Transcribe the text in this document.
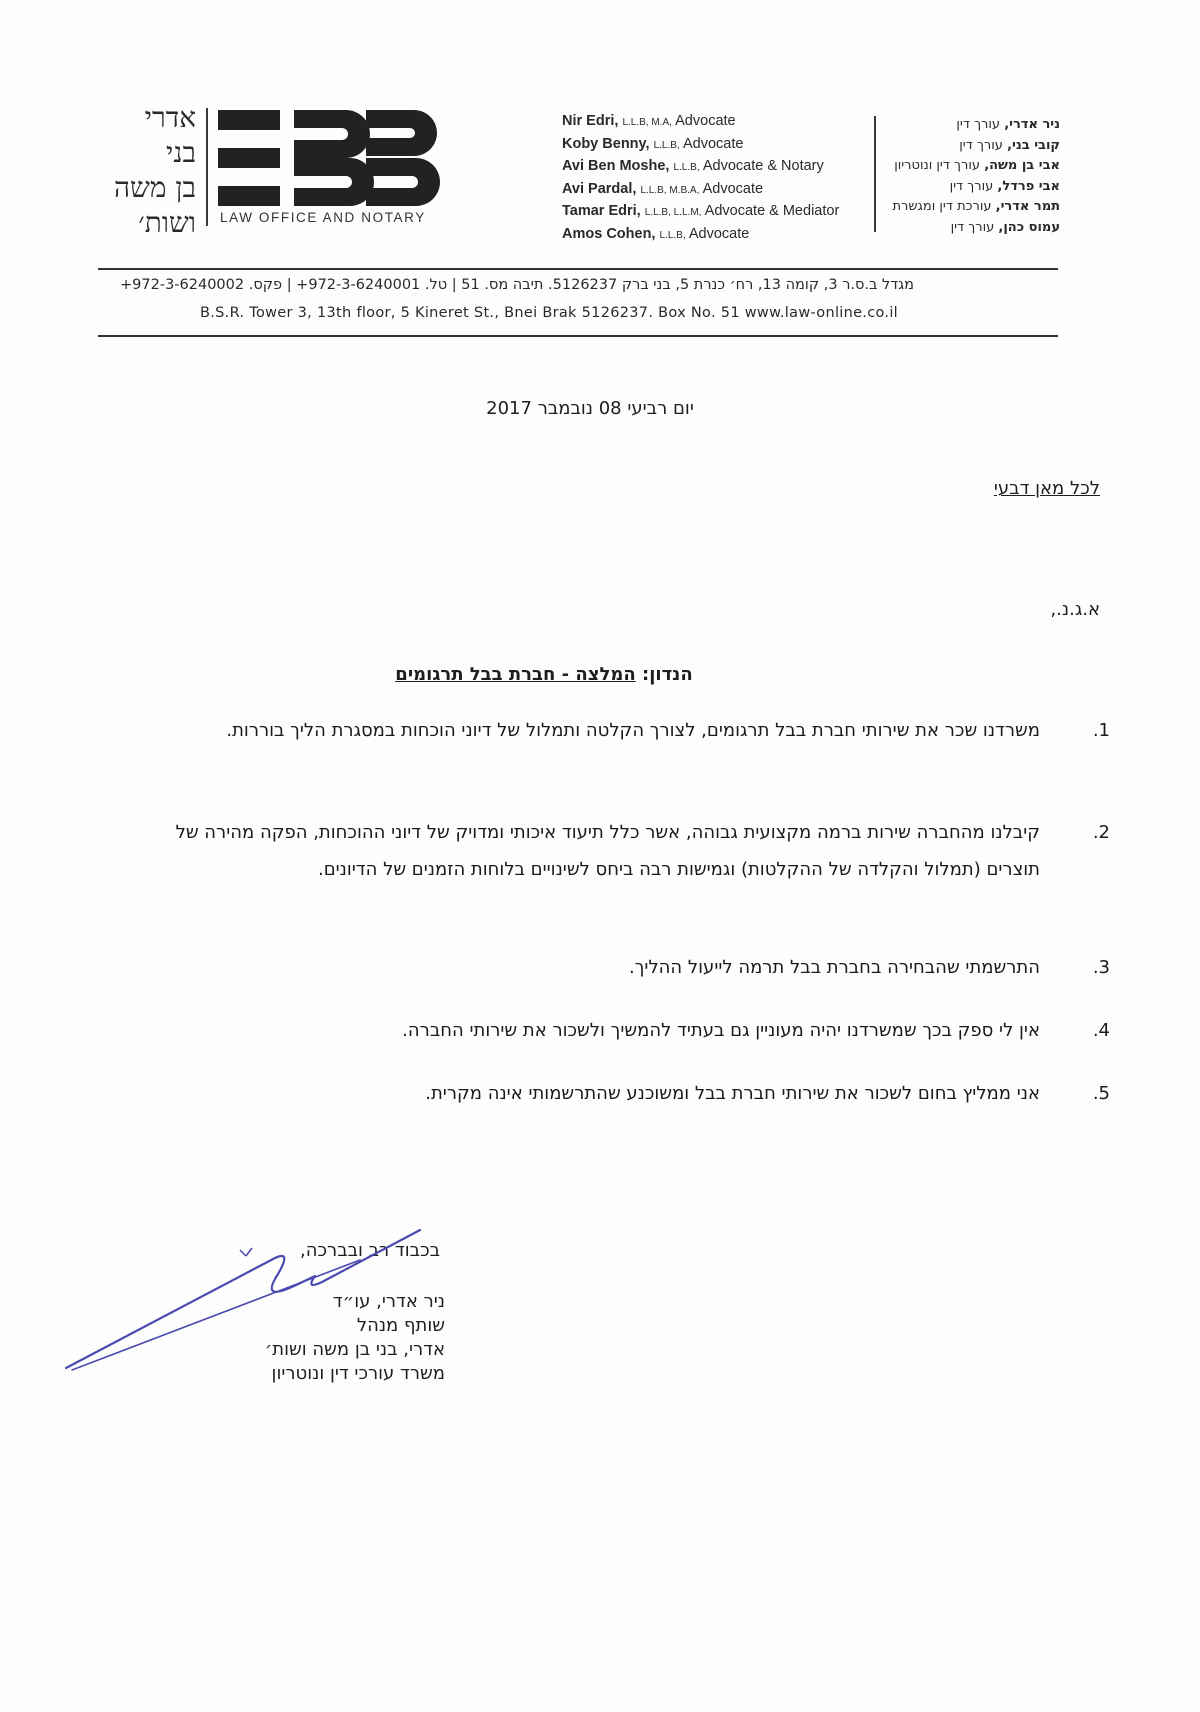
אדרי
בני
בן משה
ושות׳ LAW OFFICE AND NOTARY
Nir Edri, L.L.B, M.A, Advocate
Koby Benny, L.L.B, Advocate
Avi Ben Moshe, L.L.B, Advocate & Notary
Avi Pardal, L.L.B, M.B.A, Advocate
Tamar Edri, L.L.B, L.L.M, Advocate & Mediator
Amos Cohen, L.L.B, Advocate
ניר אדרי, עורך דין
קובי בני, עורך דין
אבי בן משה, עורך דין ונוטריון
אבי פרדל, עורך דין
תמר אדרי, עורכת דין ומגשרת
עמוס כהן, עורך דין
מגדל ב.ס.ר 3, קומה 13, רח׳ כנרת 5, בני ברק 5126237. תיבה מס. 51 | טל. 972-3-6240001+ | פקס. 972-3-6240002+
B.S.R. Tower 3, 13th floor, 5 Kineret St., Bnei Brak 5126237. Box No. 51 www.law-online.co.il
יום רביעי 08 נובמבר 2017
לכל מאן דבעי
א.ג.נ.,
הנדון: המלצה - חברת בבל תרגומים
1.
משרדנו שכר את שירותי חברת בבל תרגומים, לצורך הקלטה ותמלול של דיוני הוכחות במסגרת הליך בוררות.
2.
קיבלנו מהחברה שירות ברמה מקצועית גבוהה, אשר כלל תיעוד איכותי ומדויק של דיוני ההוכחות, הפקה מהירה של תוצרים (תמלול והקלדה של ההקלטות) וגמישות רבה ביחס לשינויים בלוחות הזמנים של הדיונים.
3.
התרשמתי שהבחירה בחברת בבל תרמה לייעול ההליך.
4.
אין לי ספק בכך שמשרדנו יהיה מעוניין גם בעתיד להמשיך ולשכור את שירותי החברה.
5.
אני ממליץ בחום לשכור את שירותי חברת בבל ומשוכנע שהתרשמותי אינה מקרית.
בכבוד רב ובברכה,
ניר אדרי, עו״ד
שותף מנהל
אדרי, בני בן משה ושות׳
משרד עורכי דין ונוטריון
